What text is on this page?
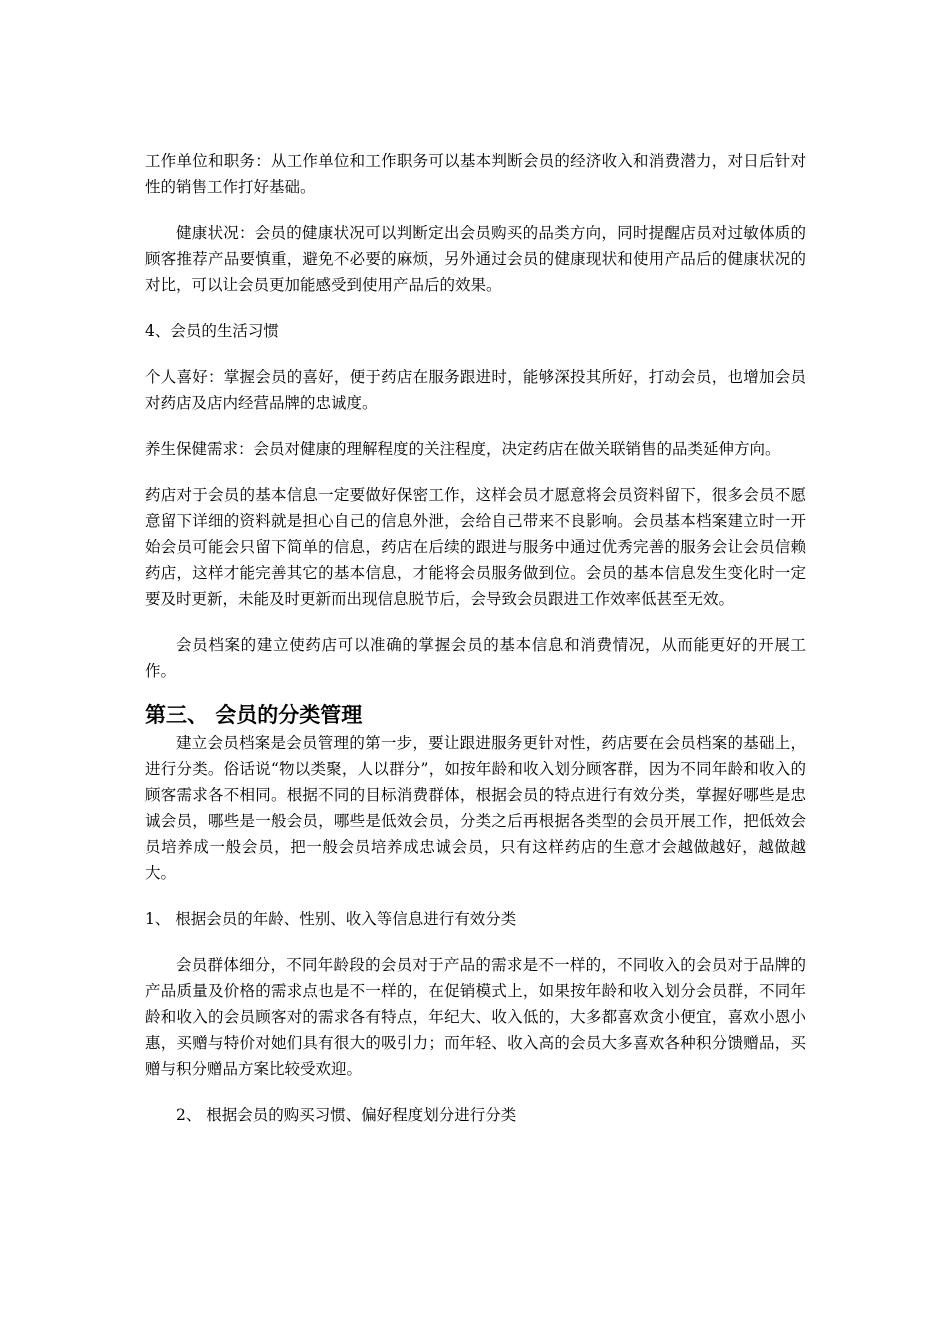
工作单位和职务：从工作单位和工作职务可以基本判断会员的经济收入和消费潜力，对日后针对性的销售工作打好基础。

健康状况：会员的健康状况可以判断定出会员购买的品类方向，同时提醒店员对过敏体质的顾客推荐产品要慎重，避免不必要的麻烦，另外通过会员的健康现状和使用产品后的健康状况的对比，可以让会员更加能感受到使用产品后的效果。

4、会员的生活习惯

个人喜好：掌握会员的喜好，便于药店在服务跟进时，能够深投其所好，打动会员，也增加会员对药店及店内经营品牌的忠诚度。

养生保健需求：会员对健康的理解程度的关注程度，决定药店在做关联销售的品类延伸方向。

药店对于会员的基本信息一定要做好保密工作，这样会员才愿意将会员资料留下，很多会员不愿意留下详细的资料就是担心自己的信息外泄，会给自己带来不良影响。会员基本档案建立时一开始会员可能会只留下简单的信息，药店在后续的跟进与服务中通过优秀完善的服务会让会员信赖药店，这样才能完善其它的基本信息，才能将会员服务做到位。会员的基本信息发生变化时一定要及时更新，未能及时更新而出现信息脱节后，会导致会员跟进工作效率低甚至无效。

会员档案的建立使药店可以准确的掌握会员的基本信息和消费情况，从而能更好的开展工作。

第三、 会员的分类管理

建立会员档案是会员管理的第一步，要让跟进服务更针对性，药店要在会员档案的基础上，进行分类。俗话说“物以类聚，人以群分”，如按年龄和收入划分顾客群，因为不同年龄和收入的顾客需求各不相同。根据不同的目标消费群体，根据会员的特点进行有效分类，掌握好哪些是忠诚会员，哪些是一般会员，哪些是低效会员，分类之后再根据各类型的会员开展工作，把低效会员培养成一般会员，把一般会员培养成忠诚会员，只有这样药店的生意才会越做越好，越做越大。

1、 根据会员的年龄、性别、收入等信息进行有效分类

会员群体细分，不同年龄段的会员对于产品的需求是不一样的，不同收入的会员对于品牌的产品质量及价格的需求点也是不一样的，在促销模式上，如果按年龄和收入划分会员群，不同年龄和收入的会员顾客对的需求各有特点，年纪大、收入低的，大多都喜欢贪小便宜，喜欢小恩小惠，买赠与特价对她们具有很大的吸引力；而年轻、收入高的会员大多喜欢各种积分馈赠品，买赠与积分赠品方案比较受欢迎。

2、 根据会员的购买习惯、偏好程度划分进行分类
